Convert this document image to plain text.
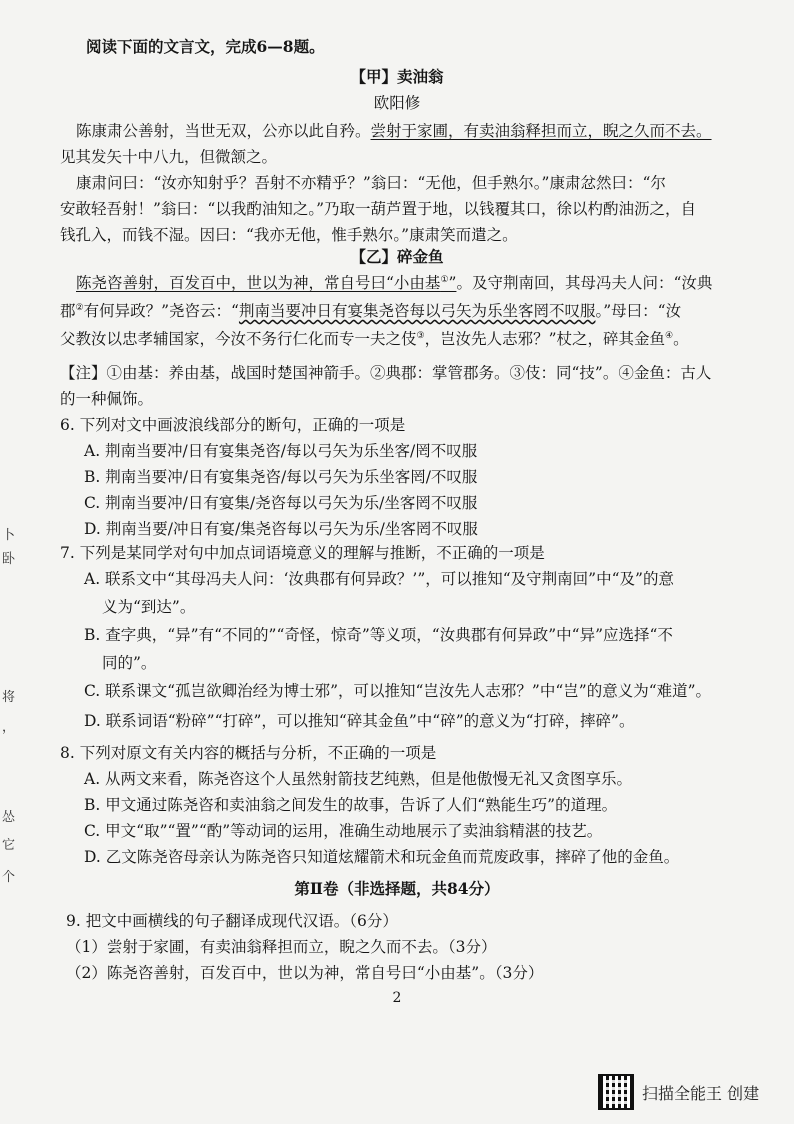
阅读下面的文言文，完成6—8题。
【甲】卖油翁
欧阳修
陈康肃公善射，当世无双，公亦以此自矜。尝射于家圃，有卖油翁释担而立，睨之久而不去。
见其发矢十中八九，但微颔之。
康肃问曰：“汝亦知射乎？吾射不亦精乎？”翁曰：“无他，但手熟尔。”康肃忿然曰：“尔
安敢轻吾射！”翁曰：“以我酌油知之。”乃取一葫芦置于地，以钱覆其口，徐以杓酌油沥之，自
钱孔入，而钱不湿。因曰：“我亦无他，惟手熟尔。”康肃笑而遣之。
【乙】碎金鱼
陈尧咨善射，百发百中，世以为神，常自号曰“小由基①”。及守荆南回，其母冯夫人问：“汝典
郡②有何异政？”尧咨云：“荆南当要冲日有宴集尧咨每以弓矢为乐坐客罔不叹服。”母曰：“汝
父教汝以忠孝辅国家，今汝不务行仁化而专一夫之伎③，岂汝先人志邪？”杖之，碎其金鱼④。
【注】①由基：养由基，战国时楚国神箭手。②典郡：掌管郡务。③伎：同“技”。④金鱼：古人
的一种佩饰。
6. 下列对文中画波浪线部分的断句，正确的一项是
A. 荆南当要冲/日有宴集尧咨/每以弓矢为乐坐客/罔不叹服
B. 荆南当要冲/日有宴集尧咨/每以弓矢为乐坐客罔/不叹服
C. 荆南当要冲/日有宴集/尧咨每以弓矢为乐/坐客罔不叹服
D. 荆南当要/冲日有宴/集尧咨每以弓矢为乐/坐客罔不叹服
7. 下列是某同学对句中加点词语境意义的理解与推断，不正确的一项是
A. 联系文中“其母冯夫人问：‘汝典郡有何异政？’”，可以推知“及守荆南回”中“及”的意
义为“到达”。
B. 查字典，“异”有“不同的”“奇怪，惊奇”等义项，“汝典郡有何异政”中“异”应选择“不
同的”。
C. 联系课文“孤岂欲卿治经为博士邪”，可以推知“岂汝先人志邪？”中“岂”的意义为“难道”。
D. 联系词语“粉碎”“打碎”，可以推知“碎其金鱼”中“碎”的意义为“打碎，摔碎”。
8. 下列对原文有关内容的概括与分析，不正确的一项是
A. 从两文来看，陈尧咨这个人虽然射箭技艺纯熟，但是他傲慢无礼又贪图享乐。
B. 甲文通过陈尧咨和卖油翁之间发生的故事，告诉了人们“熟能生巧”的道理。
C. 甲文“取”“置”“酌”等动词的运用，准确生动地展示了卖油翁精湛的技艺。
D. 乙文陈尧咨母亲认为陈尧咨只知道炫耀箭术和玩金鱼而荒废政事，摔碎了他的金鱼。
第Ⅱ卷（非选择题，共84分）
9. 把文中画横线的句子翻译成现代汉语。（6分）
（1）尝射于家圃，有卖油翁释担而立，睨之久而不去。（3分）
（2）陈尧咨善射，百发百中，世以为神，常自号曰“小由基”。（3分）
2
卜
卧
将
，
怂
它
个
扫描全能王 创建
